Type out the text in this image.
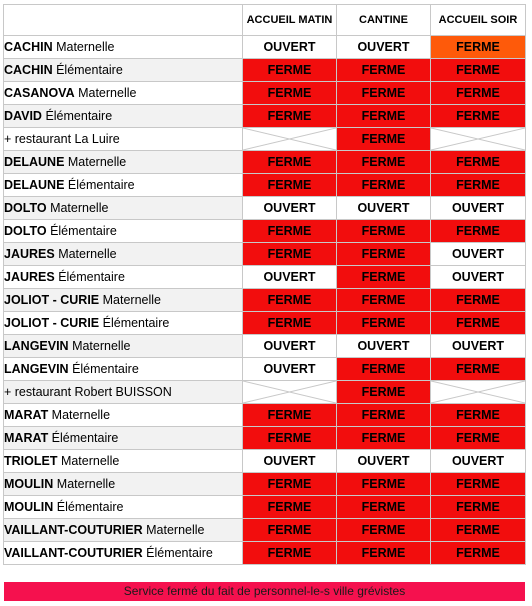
	ACCUEIL MATIN	CANTINE	ACCUEIL SOIR
CACHIN Maternelle	OUVERT	OUVERT	FERME
CACHIN Élémentaire	FERME	FERME	FERME
CASANOVA Maternelle	FERME	FERME	FERME
DAVID Élémentaire	FERME	FERME	FERME
+ restaurant La Luire		FERME	

DELAUNE Maternelle	FERME	FERME	FERME
DELAUNE Élémentaire	FERME	FERME	FERME
DOLTO Maternelle	OUVERT	OUVERT	OUVERT
DOLTO Élémentaire	FERME	FERME	FERME
JAURES Maternelle	FERME	FERME	OUVERT
JAURES Élémentaire	OUVERT	FERME	OUVERT
JOLIOT - CURIE Maternelle	FERME	FERME	FERME
JOLIOT - CURIE Élémentaire	FERME	FERME	FERME
LANGEVIN Maternelle	OUVERT	OUVERT	OUVERT
LANGEVIN Élémentaire	OUVERT	FERME	FERME
+ restaurant Robert BUISSON		FERME	

MARAT Maternelle	FERME	FERME	FERME
MARAT Élémentaire	FERME	FERME	FERME
TRIOLET Maternelle	OUVERT	OUVERT	OUVERT
MOULIN Maternelle	FERME	FERME	FERME
MOULIN Élémentaire	FERME	FERME	FERME
VAILLANT-COUTURIER Maternelle	FERME	FERME	FERME
VAILLANT-COUTURIER Élémentaire	FERME	FERME	FERME
Service fermé du fait de personnel-le-s ville grévistes
